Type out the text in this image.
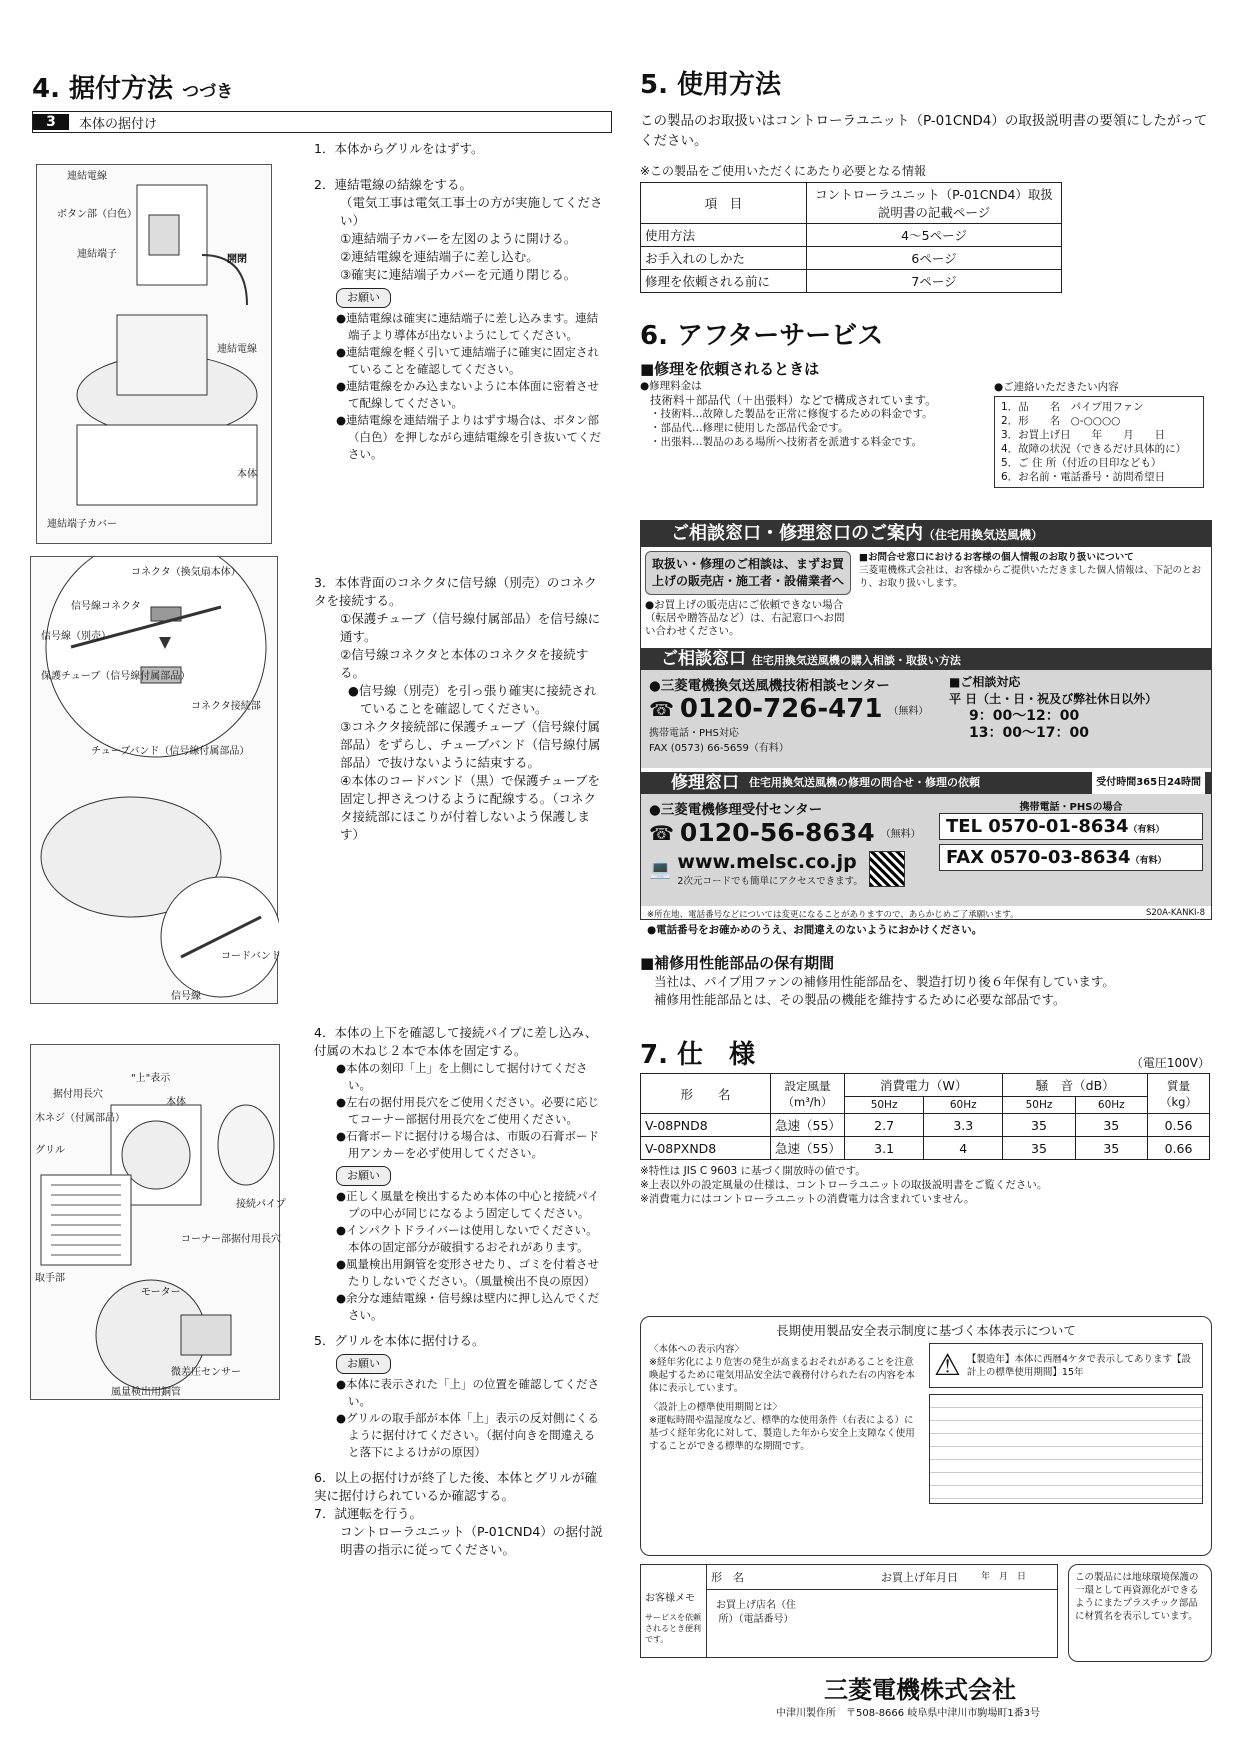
4. 据付方法 つづき
3	本体の据付け
連結電線
ボタン部（白色）
連結端子	開閉
連結電線
連結端子カバー
本体
1．本体からグリルをはずす。
2．連結電線の結線をする。
（電気工事は電気工事士の方が実施してください）
①連結端子カバーを左図のように開ける。
②連結電線を連結端子に差し込む。
③確実に連結端子カバーを元通り閉じる。
お願い
●連結電線は確実に連結端子に差し込みます。連結端子より導体が出ないようにしてください。
●連結電線を軽く引いて連結端子に確実に固定されていることを確認してください。
●連結電線をかみ込まないように本体面に密着させて配線してください。
●連結電線を連結端子よりはずす場合は、ボタン部（白色）を押しながら連結電線を引き抜いてください。
コネクタ（換気扇本体）
信号線コネクタ
信号線（別売）
保護チューブ（信号線付属部品）
コネクタ接続部
チューブバンド（信号線付属部品）
コードバンド
信号線
3．本体背面のコネクタに信号線（別売）のコネクタを接続する。
①保護チューブ（信号線付属部品）を信号線に通す。
②信号線コネクタと本体のコネクタを接続する。
●信号線（別売）を引っ張り確実に接続されていることを確認してください。
③コネクタ接続部に保護チューブ（信号線付属部品）をずらし、チューブバンド（信号線付属部品）で抜けないように結束する。
④本体のコードバンド（黒）で保護チューブを固定し押さえつけるように配線する。（コネクタ接続部にほこりが付着しないよう保護します）
"上"表示
据付用長穴
本体
木ネジ（付属部品）
グリル
接続パイプ
取手部
コーナー部据付用長穴
モーター
微差圧センサー
風量検出用銅管
4．本体の上下を確認して接続パイプに差し込み、付属の木ねじ２本で本体を固定する。
●本体の刻印「上」を上側にして据付けてください。
●左右の据付用長穴をご使用ください。必要に応じてコーナー部据付用長穴をご使用ください。
●石膏ボードに据付ける場合は、市販の石膏ボード用アンカーを必ず使用してください。
お願い
●正しく風量を検出するため本体の中心と接続パイプの中心が同じになるよう固定してください。
●インパクトドライバーは使用しないでください。本体の固定部分が破損するおそれがあります。
●風量検出用銅管を変形させたり、ゴミを付着させたりしないでください。（風量検出不良の原因）
●余分な連結電線・信号線は壁内に押し込んでください。
5．グリルを本体に据付ける。
お願い
●本体に表示された「上」の位置を確認してください。
●グリルの取手部が本体「上」表示の反対側にくるように据付けてください。（据付向きを間違えると落下によるけがの原因）
6．以上の据付けが終了した後、本体とグリルが確実に据付けられているか確認する。
7．試運転を行う。
コントローラユニット（P-01CND4）の据付説明書の指示に従ってください。
5. 使用方法
この製品のお取扱いはコントローラユニット（P-01CND4）の取扱説明書の要領にしたがってください。
※この製品をご使用いただくにあたり必要となる情報
項　目	コントローラユニット（P-01CND4）取扱説明書の記載ページ
使用方法	4～5ページ
お手入れのしかた	6ページ
修理を依頼される前に	7ページ
6. アフターサービス
■修理を依頼されるときは
●修理料金は
技術料＋部品代（＋出張料）などで構成されています。
・技術料…故障した製品を正常に修復するための料金です。
・部品代…修理に使用した部品代金です。
・出張料…製品のある場所へ技術者を派遣する料金です。
●ご連絡いただきたい内容
1．品　　名　パイプ用ファン
2．形　　名　○-○○○○
3．お買上げ日　　年　　月　　日
4．故障の状況（できるだけ具体的に）
5．ご 住 所（付近の目印なども）
6．お名前・電話番号・訪問希望日
ご相談窓口・修理窓口のご案内（住宅用換気送風機）
取扱い・修理のご相談は、まずお買上げの販売店・施工者・設備業者へ
●お買上げの販売店にご依頼できない場合（転居や贈答品など）は、右記窓口へお問い合わせください。
■お問合せ窓口におけるお客様の個人情報のお取り扱いについて
三菱電機株式会社は、お客様からご提供いただきました個人情報は、下記のとおり、お取り扱いします。
ご相談窓口 住宅用換気送風機の購入相談・取扱い方法
●三菱電機換気送風機技術相談センター
☎ 0120-726-471 （無料）
携帯電話・PHS対応
FAX (0573) 66-5659（有料）
■ご相談対応
平 日（土・日・祝及び弊社休日以外）
9：00～12：00
13：00～17：00
修理窓口 住宅用換気送風機の修理の問合せ・修理の依頼	受付時間365日24時間
●三菱電機修理受付センター
☎ 0120-56-8634 （無料）
💻 www.melsc.co.jp
2次元コードでも簡単にアクセスできます。
携帯電話・PHSの場合
TEL 0570-01-8634（有料）
FAX 0570-03-8634（有料）
※所在地、電話番号などについては変更になることがありますので、あらかじめご了承願います。	S20A-KANKI-8
●電話番号をお確かめのうえ、お間違えのないようにおかけください。
■補修用性能部品の保有期間
当社は、パイプ用ファンの補修用性能部品を、製造打切り後６年保有しています。
補修用性能部品とは、その製品の機能を維持するために必要な部品です。
7. 仕　様	（電圧100V）
形　　名	設定風量（m³/h）	消費電力（W）		騒　音（dB）		質量（kg）
		50Hz	60Hz	50Hz	60Hz	
V-08PND8	急速（55）	2.7	3.3	35	35	0.56
V-08PXND8	急速（55）	3.1	4	35	35	0.66
※特性は JIS C 9603 に基づく開放時の値です。
※上表以外の設定風量の仕様は、コントローラユニットの取扱説明書をご覧ください。
※消費電力にはコントローラユニットの消費電力は含まれていません。
長期使用製品安全表示制度に基づく本体表示について
〈本体への表示内容〉
※経年劣化により危害の発生が高まるおそれがあることを注意喚起するために電気用品安全法で義務付けられた右の内容を本体に表示しています。
〈設計上の標準使用期間とは〉
※運転時間や温湿度など、標準的な使用条件（右表による）に基づく経年劣化に対して、製造した年から安全上支障なく使用することができる標準的な期間です。
⚠ 【製造年】本体に西暦4ケタで表示してあります【設計上の標準使用期間】15年
お客様メモ
サービスを依頼されるとき便利です。
形　名	お買上げ年月日	年　月　日
お買上げ店名（住　所）（電話番号）
この製品には地球環境保護の一環として再資源化ができるようにまたプラスチック部品に材質名を表示しています。
三菱電機株式会社
中津川製作所　〒508-8666 岐阜県中津川市駒場町1番3号
